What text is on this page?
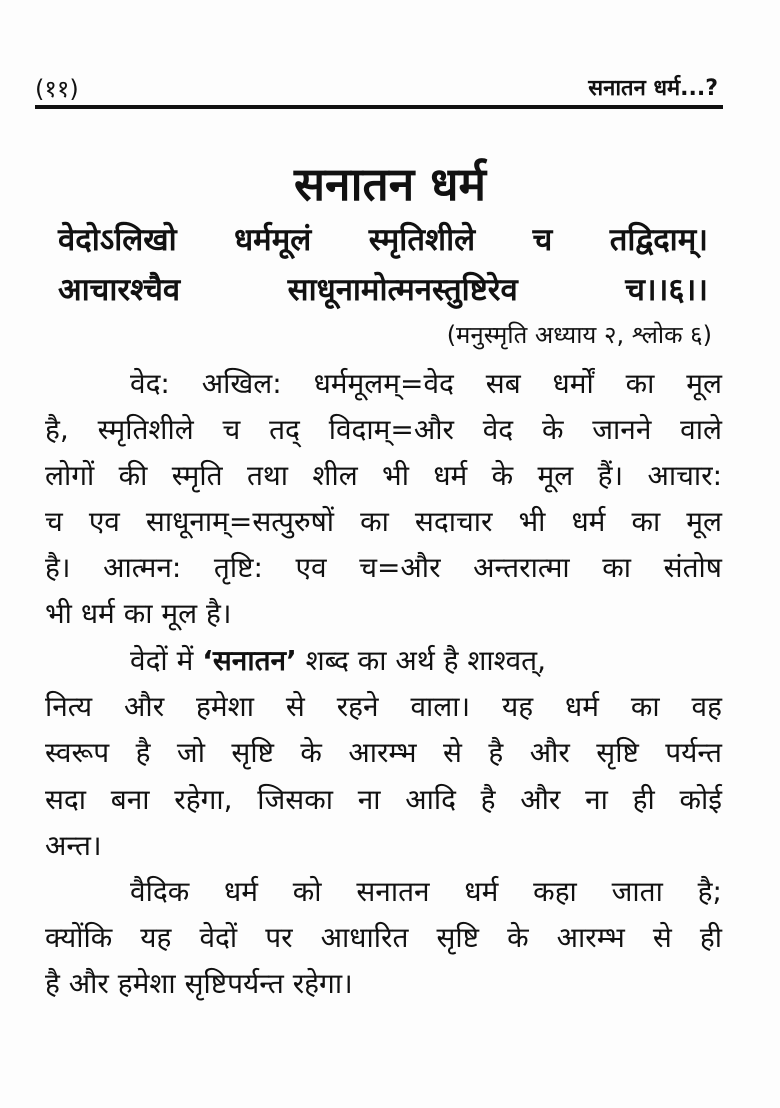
(११)	सनातन धर्म...?
सनातन धर्म
वेदोऽलिखो धर्ममूलं स्मृतिशीले च तद्विदाम्।
आचारश्चैव साधूनामोत्मनस्तुष्टिरेव च।।६।।
(मनुस्मृति अध्याय २, श्लोक ६)
वेद: अखिल: धर्ममूलम्=वेद सब धर्मों का मूल
है, स्मृतिशीले च तद् विदाम्=और वेद के जानने वाले
लोगों की स्मृति तथा शील भी धर्म के मूल हैं। आचार:
च एव साधूनाम्=सत्पुरुषों का सदाचार भी धर्म का मूल
है। आत्मन: तृष्टि: एव च=और अन्तरात्मा का संतोष
भी धर्म का मूल है।
वेदों में ‘सनातन’ शब्द का अर्थ है शाश्वत्,
नित्य और हमेशा से रहने वाला। यह धर्म का वह
स्वरूप है जो सृष्टि के आरम्भ से है और सृष्टि पर्यन्त
सदा बना रहेगा, जिसका ना आदि है और ना ही कोई
अन्त।
वैदिक धर्म को सनातन धर्म कहा जाता है;
क्योंकि यह वेदों पर आधारित सृष्टि के आरम्भ से ही
है और हमेशा सृष्टिपर्यन्त रहेगा।
